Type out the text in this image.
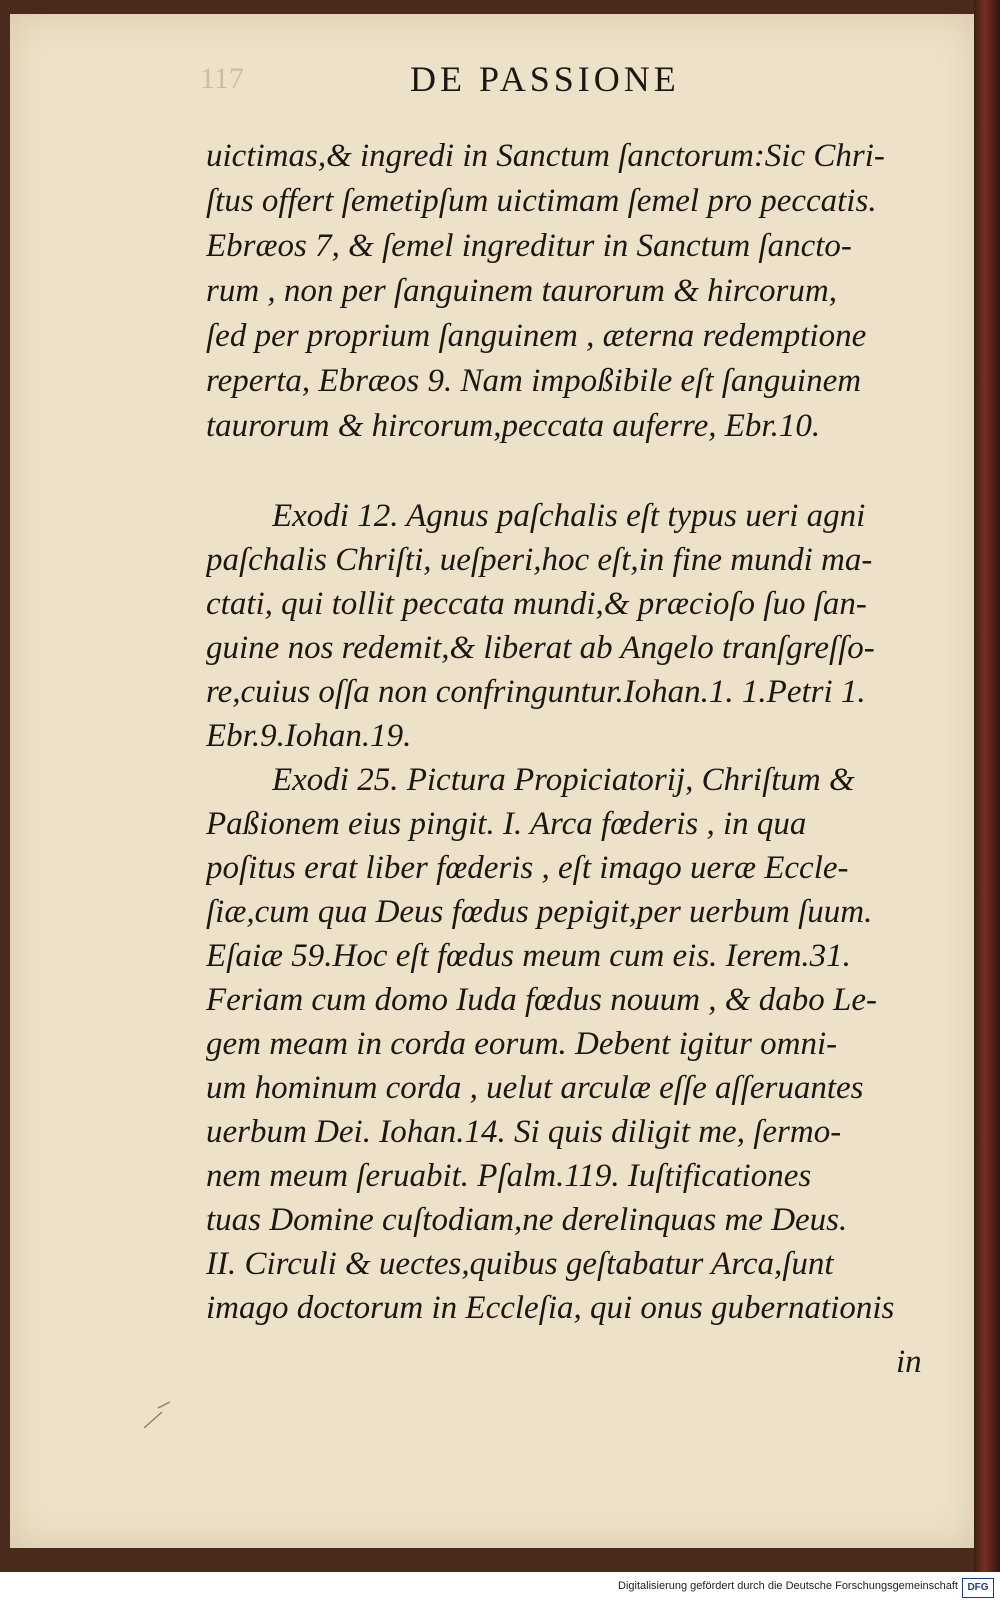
117	DE PASSIONE
uictimas,& ingredi in Sanctum ſanctorum:Sic Chri-
ſtus offert ſemetipſum uictimam ſemel pro peccatis.
Ebræos 7, & ſemel ingreditur in Sanctum ſancto-
rum , non per ſanguinem taurorum & hircorum,
ſed per proprium ſanguinem , æterna redemptione
reperta, Ebræos 9. Nam impoßibile eſt ſanguinem
taurorum & hircorum,peccata auferre, Ebr.10.
Exodi 12. Agnus paſchalis eſt typus ueri agni
paſchalis Chriſti, ueſperi,hoc eſt,in fine mundi ma-
ctati, qui tollit peccata mundi,& præcioſo ſuo ſan-
guine nos redemit,& liberat ab Angelo tranſgreſſo-
re,cuius oſſa non confringuntur.Iohan.1. 1.Petri 1.
Ebr.9.Iohan.19.
Exodi 25. Pictura Propiciatorij, Chriſtum &
Paßionem eius pingit. I. Arca fœderis , in qua
poſitus erat liber fœderis , eſt imago ueræ Eccle-
ſiæ,cum qua Deus fœdus pepigit,per uerbum ſuum.
Eſaiæ 59.Hoc eſt fœdus meum cum eis. Ierem.31.
Feriam cum domo Iuda fœdus nouum , & dabo Le-
gem meam in corda eorum. Debent igitur omni-
um hominum corda , uelut arculæ eſſe aſſeruantes
uerbum Dei. Iohan.14. Si quis diligit me, ſermo-
nem meum ſeruabit. Pſalm.119. Iuſtificationes
tuas Domine cuſtodiam,ne derelinquas me Deus.
II. Circuli & uectes,quibus geſtabatur Arca,ſunt
imago doctorum in Eccleſia, qui onus gubernationis
in
Digitalisierung gefördert durch die Deutsche Forschungsgemeinschaft DFG
